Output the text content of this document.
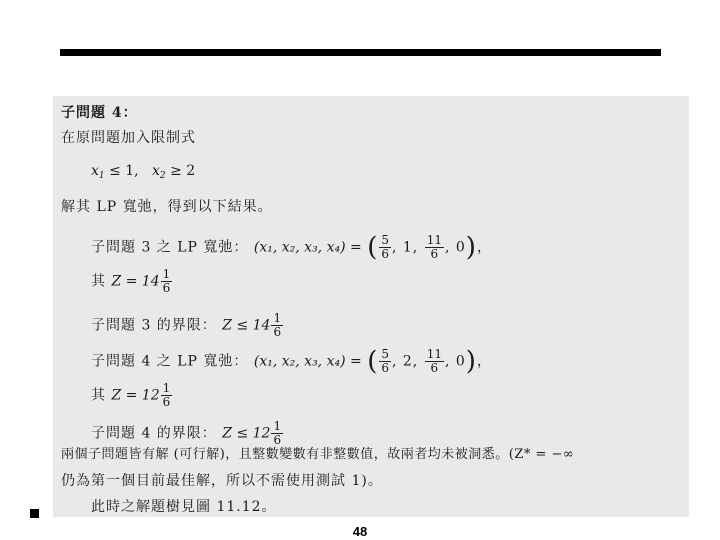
子問題 4：
在原問題加入限制式
$x_1 \le 1$, $x_2 \ge 2$
解其 LP 寬弛，得到以下結果。
子問題 3 之 LP 寬弛： (x₁, x₂, x₃, x₄) = ( $\frac{5}{6}$ , 1, $\frac{11}{6}$ , 0)，
其 $Z = 14 \frac{1}{6}$
子問題 3 的界限： $Z \le 14 \frac{1}{6}$
子問題 4 之 LP 寬弛： (x₁, x₂, x₃, x₄) = ( $\frac{5}{6}$ , 2, $\frac{11}{6}$ , 0)，
其 $Z = 12 \frac{1}{6}$
子問題 4 的界限： $Z \le 12 \frac{1}{6}$
兩個子問題皆有解 (可行解)，且整數變數有非整數值，故兩者均未被洞悉。(Z* = −∞
仍為第一個目前最佳解，所以不需使用測試 1)。
此時之解題樹見圖 11.12。
48
